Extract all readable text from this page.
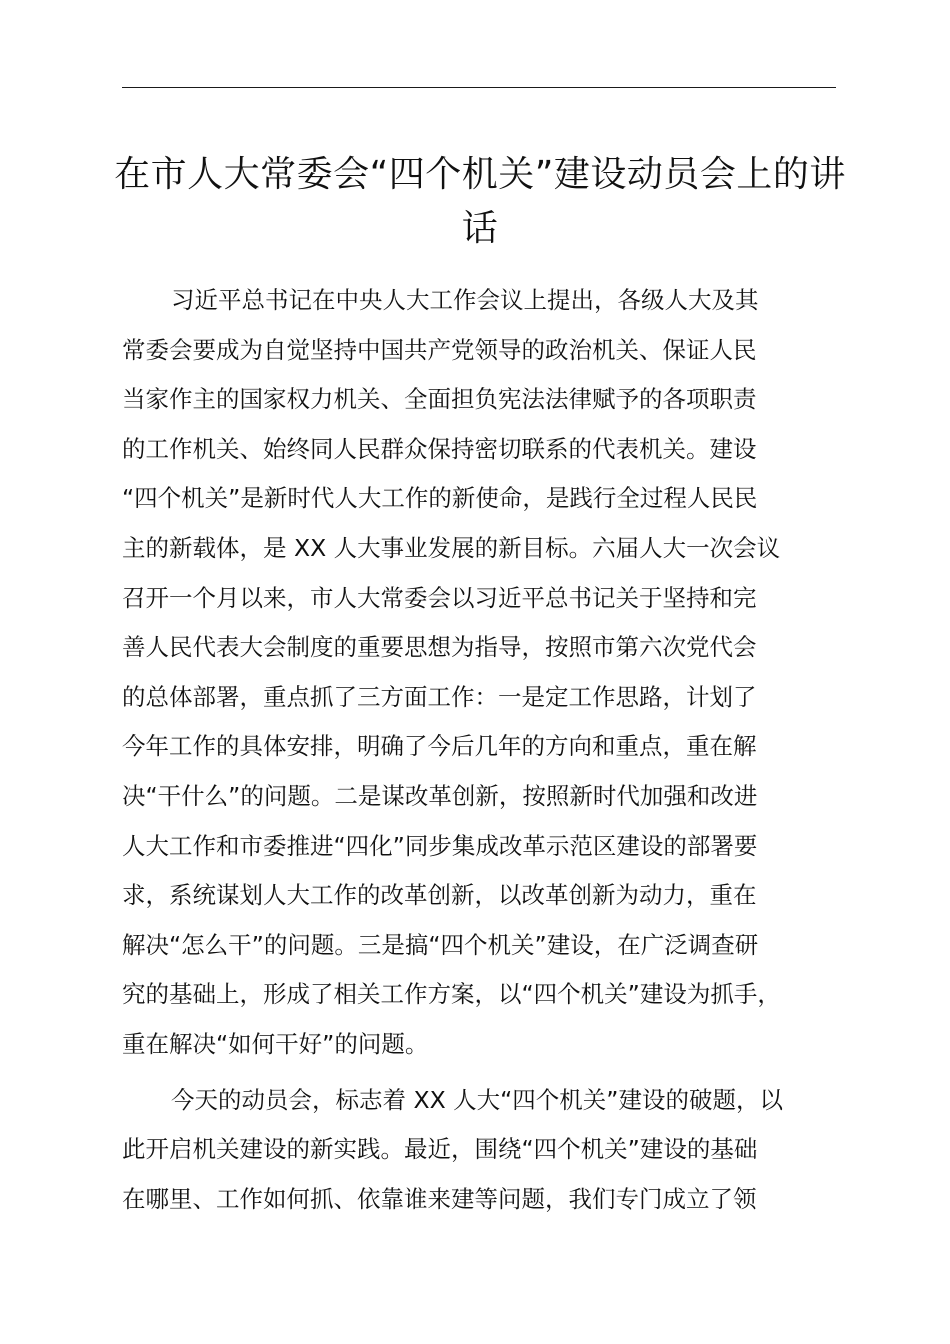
在市人大常委会“四个机关”建设动员会上的讲
话
习近平总书记在中央人大工作会议上提出，各级人大及其
常委会要成为自觉坚持中国共产党领导的政治机关、保证人民
当家作主的国家权力机关、全面担负宪法法律赋予的各项职责
的工作机关、始终同人民群众保持密切联系的代表机关。建设
“四个机关”是新时代人大工作的新使命，是践行全过程人民民
主的新载体，是 XX 人大事业发展的新目标。六届人大一次会议
召开一个月以来，市人大常委会以习近平总书记关于坚持和完
善人民代表大会制度的重要思想为指导，按照市第六次党代会
的总体部署，重点抓了三方面工作：一是定工作思路，计划了
今年工作的具体安排，明确了今后几年的方向和重点，重在解
决“干什么”的问题。二是谋改革创新，按照新时代加强和改进
人大工作和市委推进“四化”同步集成改革示范区建设的部署要
求，系统谋划人大工作的改革创新，以改革创新为动力，重在
解决“怎么干”的问题。三是搞“四个机关”建设，在广泛调查研
究的基础上，形成了相关工作方案，以“四个机关”建设为抓手，
重在解决“如何干好”的问题。
今天的动员会，标志着 XX 人大“四个机关”建设的破题，以
此开启机关建设的新实践。最近，围绕“四个机关”建设的基础
在哪里、工作如何抓、依靠谁来建等问题，我们专门成立了领
